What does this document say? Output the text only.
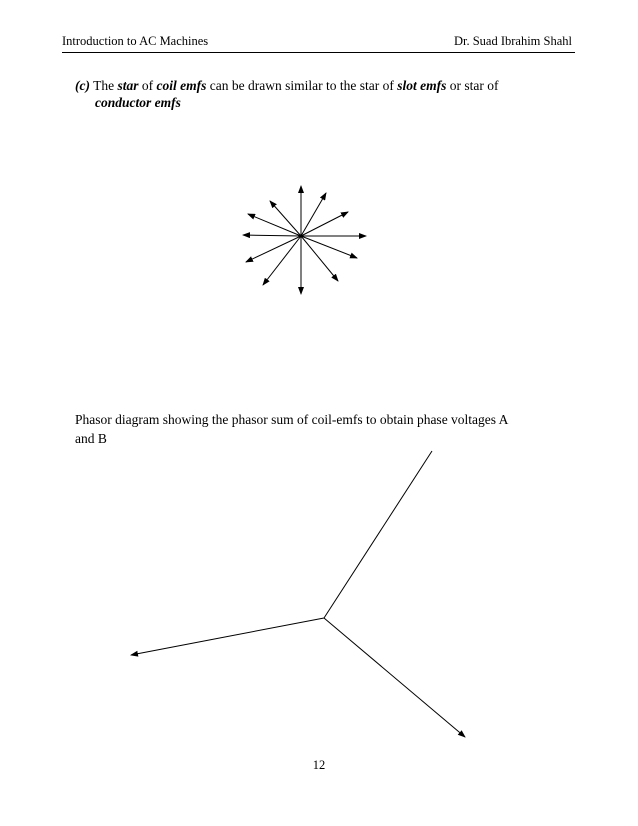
Introduction to AC Machines	Dr. Suad Ibrahim Shahl
(c) The star of coil emfs can be drawn similar to the star of slot emfs or star of
conductor emfs
Phasor diagram showing the phasor sum of coil-emfs to obtain phase voltages A
and B
12
